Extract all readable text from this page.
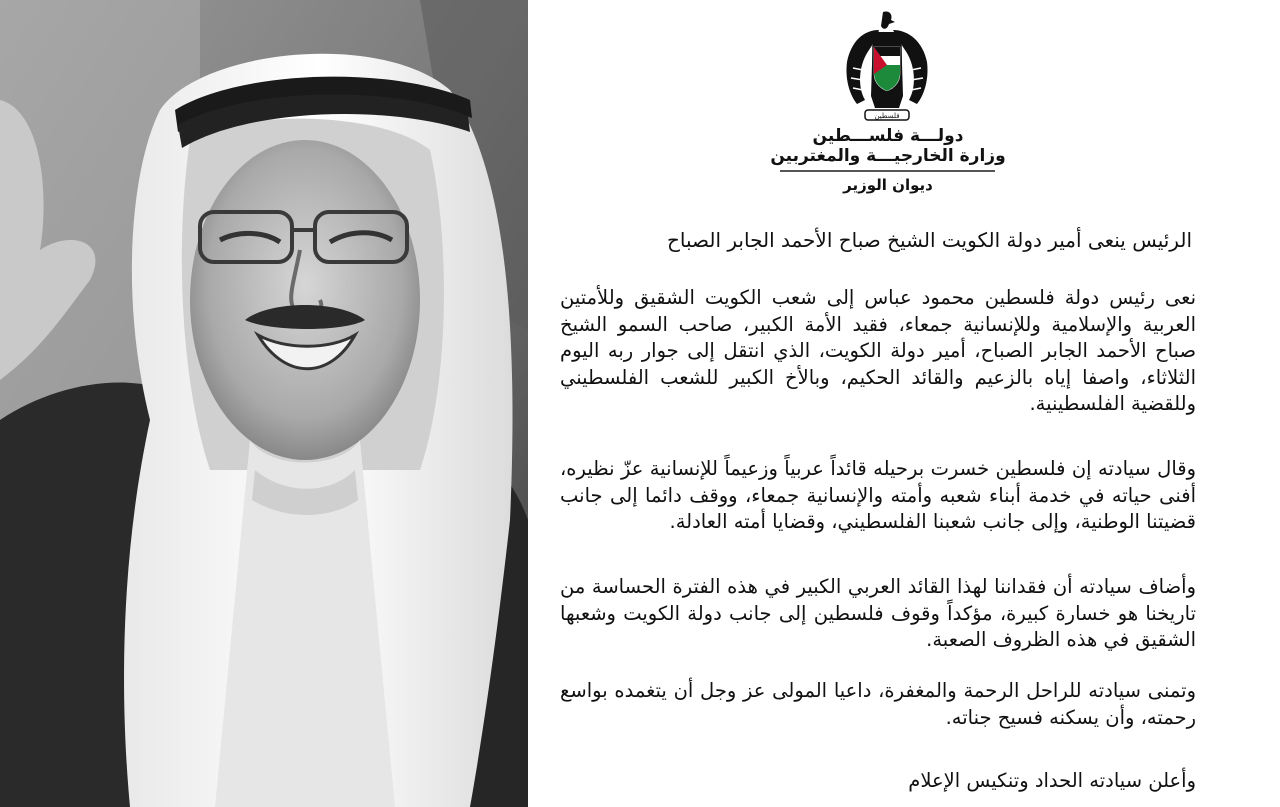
فلسطين
دولـــة فلســـطين
وزارة الخارجيـــة والمغتربين
ديوان الوزير
الرئيس ينعى أمير دولة الكويت الشيخ صباح الأحمد الجابر الصباح
نعى رئيس دولة فلسطين محمود عباس إلى شعب الكويت الشقيق وللأمتين العربية والإسلامية وللإنسانية جمعاء، فقيد الأمة الكبير، صاحب السمو الشيخ صباح الأحمد الجابر الصباح، أمير دولة الكويت، الذي انتقل إلى جوار ربه اليوم الثلاثاء، واصفا إياه بالزعيم والقائد الحكيم، وبالأخ الكبير للشعب الفلسطيني وللقضية الفلسطينية.
وقال سيادته إن فلسطين خسرت برحيله قائداً عربياً وزعيماً للإنسانية عزّ نظيره، أفنى حياته في خدمة أبناء شعبه وأمته والإنسانية جمعاء، ووقف دائما إلى جانب قضيتنا الوطنية، وإلى جانب شعبنا الفلسطيني، وقضايا أمته العادلة.
وأضاف سيادته أن فقداننا لهذا القائد العربي الكبير في هذه الفترة الحساسة من تاريخنا هو خسارة كبيرة، مؤكداً وقوف فلسطين إلى جانب دولة الكويت وشعبها الشقيق في هذه الظروف الصعبة.
وتمنى سيادته للراحل الرحمة والمغفرة، داعيا المولى عز وجل أن يتغمده بواسع رحمته، وأن يسكنه فسيح جناته.
وأعلن سيادته الحداد وتنكيس الإعلام
